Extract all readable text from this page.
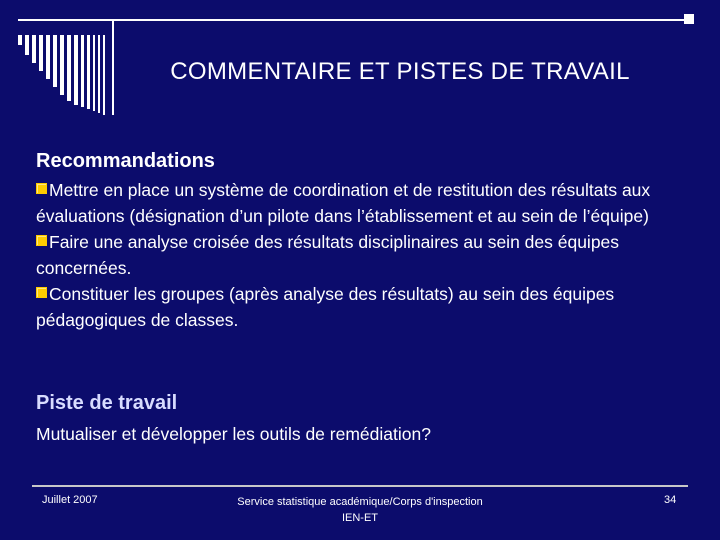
COMMENTAIRE ET PISTES DE TRAVAIL
Recommandations
Mettre en place un système de coordination et de restitution des résultats aux évaluations (désignation d’un pilote dans l’établissement et au sein de l’équipe)
Faire une analyse croisée des résultats disciplinaires au sein des équipes concernées.
Constituer les groupes (après analyse des résultats) au sein des équipes pédagogiques de classes.
Piste de travail
Mutualiser et développer les outils de remédiation?
Juillet 2007	Service statistique académique/Corps d'inspection IEN-ET
34
